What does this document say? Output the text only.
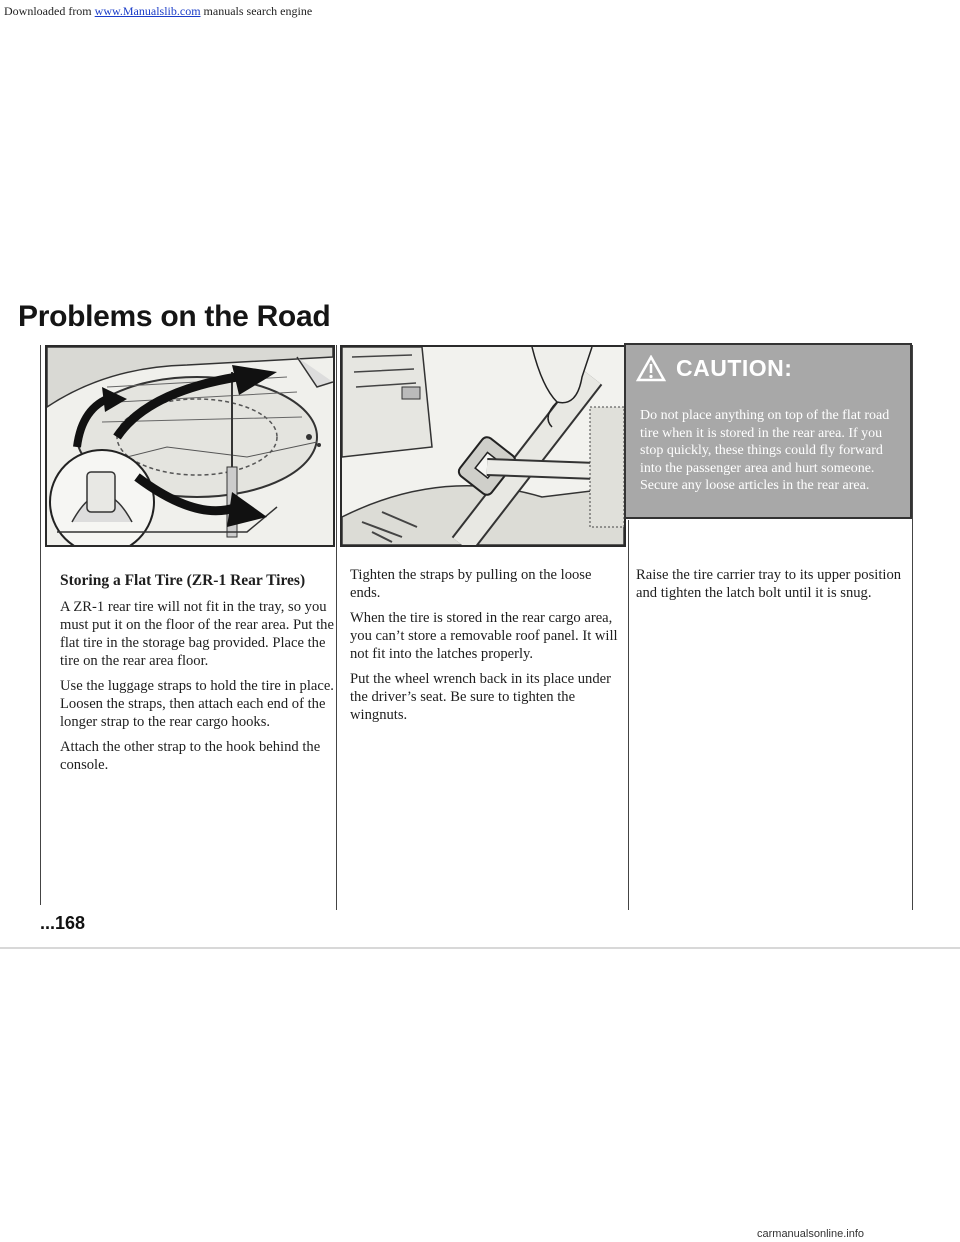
Downloaded from www.Manualslib.com manuals search engine
Problems on the Road
CAUTION:
Do not place anything on top of the flat road tire when it is stored in the rear area. If you stop quickly, these things could fly forward into the passenger area and hurt someone. Secure any loose articles in the rear area.
Storing a Flat Tire (ZR-1 Rear Tires)

A ZR-1 rear tire will not fit in the tray, so you must put it on the floor of the rear area. Put the flat tire in the storage bag provided. Place the tire on the rear area floor.

Use the luggage straps to hold the tire in place. Loosen the straps, then attach each end of the longer strap to the rear cargo hooks.

Attach the other strap to the hook behind the console.

Tighten the straps by pulling on the loose ends.

When the tire is stored in the rear cargo area, you can’t store a removable roof panel. It will not fit into the latches properly.

Put the wheel wrench back in its place under the driver’s seat. Be sure to tighten the wingnuts.

Raise the tire carrier tray to its upper position and tighten the latch bolt until it is snug.

...168
carmanualsonline.info
